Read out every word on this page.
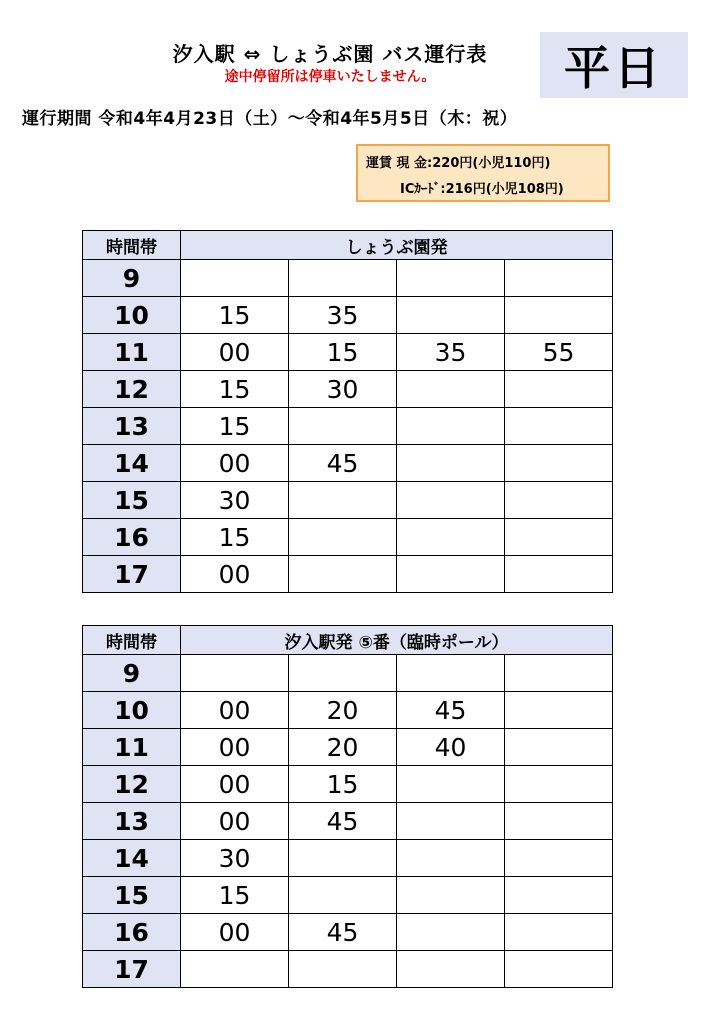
汐入駅 ⇔ しょうぶ園 バス運行表
途中停留所は停車いたしません。	平日
運行期間 令和4年4月23日（土）～令和4年5月5日（木：祝）
運賃 現 金:220円(小児110円)
ICｶｰﾄﾞ:216円(小児108円)
時間帯	しょうぶ園発			
9				
10	15	35		
11	00	15	35	55
12	15	30		
13	15			
14	00	45		
15	30			
16	15			
17	00			
時間帯	汐入駅発 ⑤番（臨時ポール）			
9				
10	00	20	45	
11	00	20	40	
12	00	15		
13	00	45		
14	30			
15	15			
16	00	45		
17				
